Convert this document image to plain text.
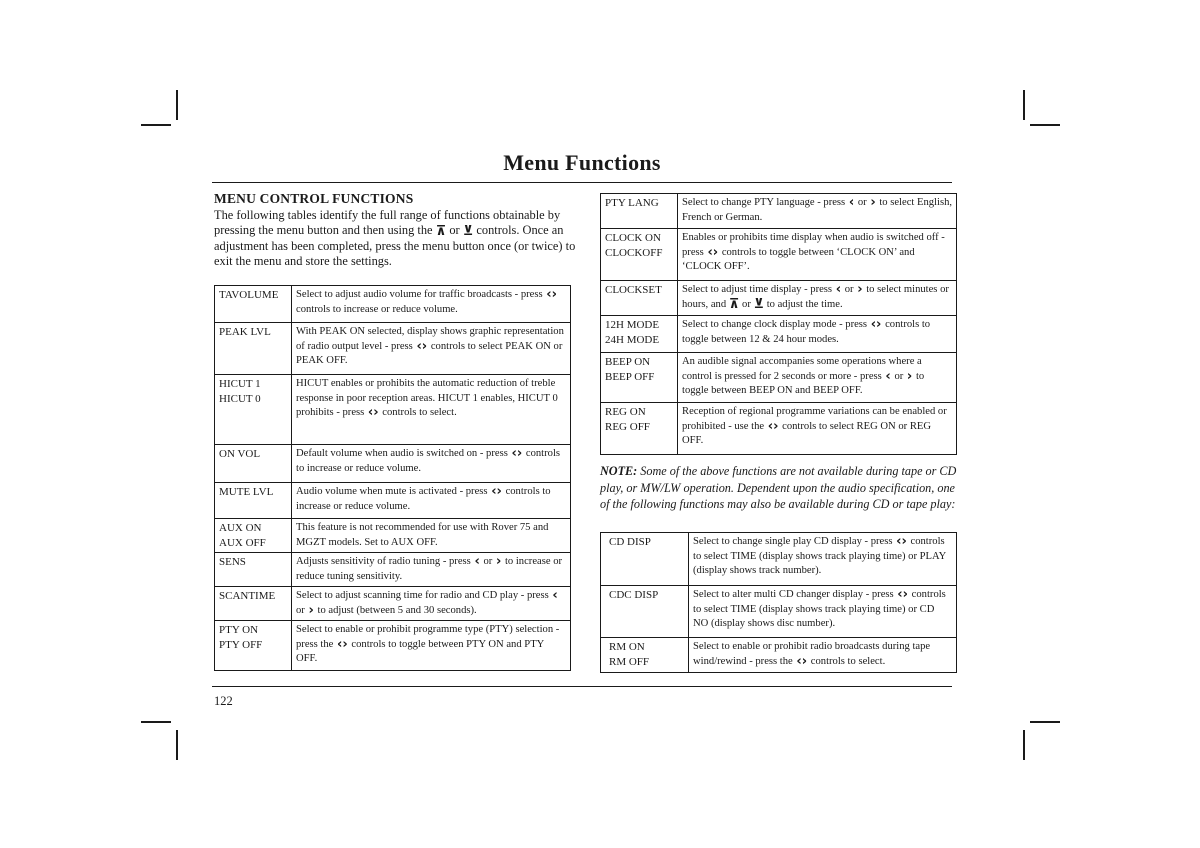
Menu Functions
MENU CONTROL FUNCTIONS

The following tables identify the full range of functions obtainable by pressing the menu button and then using the ⊼ or ⊻ controls. Once an adjustment has been completed, press the menu button once (or twice) to exit the menu and store the settings.

TAVOLUME	Select to adjust audio volume for traffic broadcasts - press ‹› controls to increase or reduce volume.
PEAK LVL	With PEAK ON selected, display shows graphic representation of radio output level - press ‹› controls to select PEAK ON or PEAK OFF.
HICUT 1
HICUT 0	HICUT enables or prohibits the automatic reduction of treble response in poor reception areas. HICUT 1 enables, HICUT 0 prohibits - press ‹› controls to select.
ON VOL	Default volume when audio is switched on - press ‹› controls to increase or reduce volume.
MUTE LVL	Audio volume when mute is activated - press ‹› controls to increase or reduce volume.
AUX ON
AUX OFF	This feature is not recommended for use with Rover 75 and MGZT models. Set to AUX OFF.
SENS	Adjusts sensitivity of radio tuning - press ‹ or › to increase or reduce tuning sensitivity.
SCANTIME	Select to adjust scanning time for radio and CD play - press ‹ or › to adjust (between 5 and 30 seconds).
PTY ON
PTY OFF	Select to enable or prohibit programme type (PTY) selection - press the ‹› controls to toggle between PTY ON and PTY OFF.
PTY LANG	Select to change PTY language - press ‹ or › to select English, French or German.
CLOCK ON
CLOCKOFF	Enables or prohibits time display when audio is switched off - press ‹› controls to toggle between ‘CLOCK ON’ and ‘CLOCK OFF’.
CLOCKSET	Select to adjust time display - press ‹ or › to select minutes or hours, and ⊼ or ⊻ to adjust the time.
12H MODE
24H MODE	Select to change clock display mode - press ‹› controls to toggle between 12 & 24 hour modes.
BEEP ON
BEEP OFF	An audible signal accompanies some operations where a control is pressed for 2 seconds or more - press ‹ or › to toggle between BEEP ON and BEEP OFF.
REG ON
REG OFF	Reception of regional programme variations can be enabled or prohibited - use the ‹› controls to select REG ON or REG OFF.
NOTE: Some of the above functions are not available during tape or CD play, or MW/LW operation. Dependent upon the audio specification, one of the following functions may also be available during CD or tape play:
CD DISP	Select to change single play CD display - press ‹› controls to select TIME (display shows track playing time) or PLAY (display shows track number).
CDC DISP	Select to alter multi CD changer display - press ‹› controls to select TIME (display shows track playing time) or CD NO (display shows disc number).
RM ON
RM OFF	Select to enable or prohibit radio broadcasts during tape wind/rewind - press the ‹› controls to select.
122
